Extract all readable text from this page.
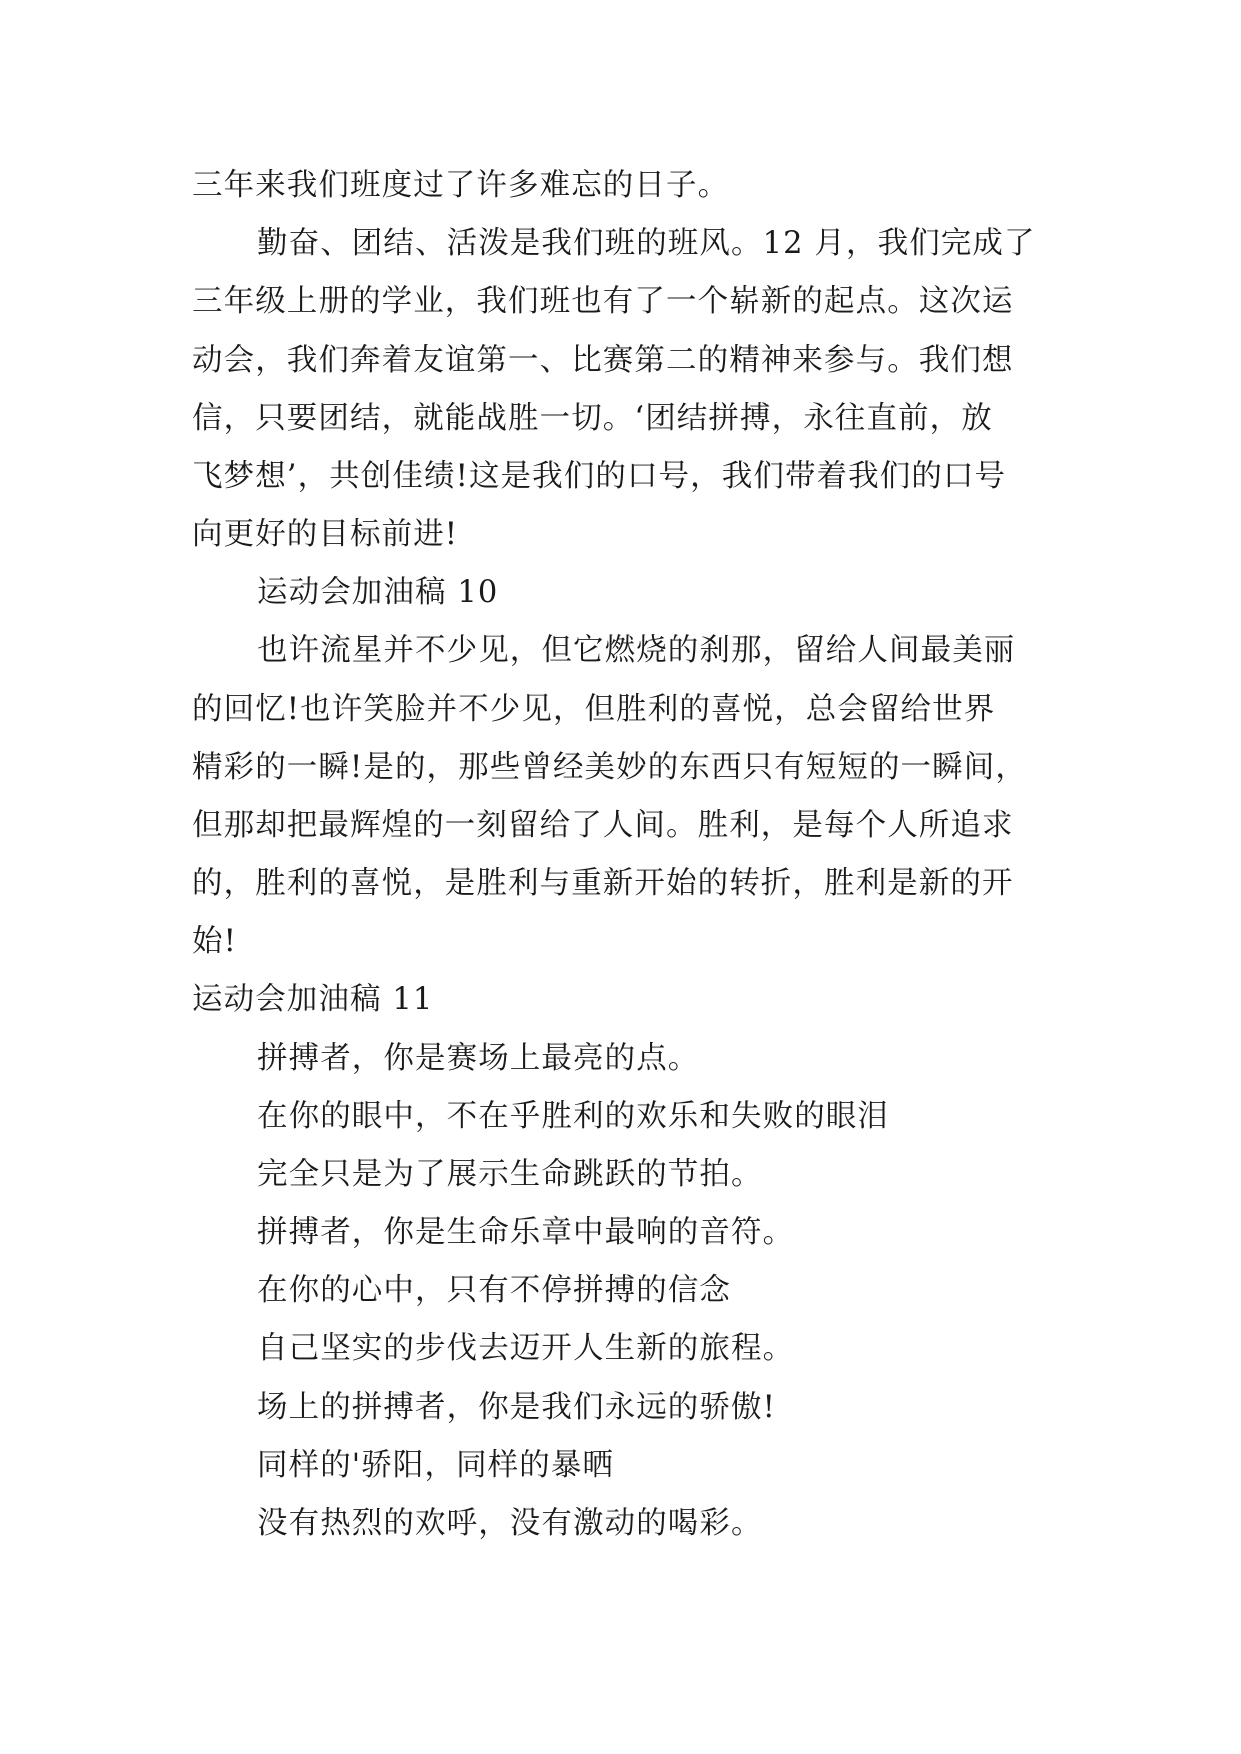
三年来我们班度过了许多难忘的日子。
勤奋、团结、活泼是我们班的班风。12 月，我们完成了
三年级上册的学业，我们班也有了一个崭新的起点。这次运
动会，我们奔着友谊第一、比赛第二的精神来参与。我们想
信，只要团结，就能战胜一切。‘团结拼搏，永往直前，放
飞梦想’，共创佳绩!这是我们的口号，我们带着我们的口号
向更好的目标前进!
运动会加油稿 10
也许流星并不少见，但它燃烧的刹那，留给人间最美丽
的回忆!也许笑脸并不少见，但胜利的喜悦，总会留给世界
精彩的一瞬!是的，那些曾经美妙的东西只有短短的一瞬间，
但那却把最辉煌的一刻留给了人间。胜利，是每个人所追求
的，胜利的喜悦，是胜利与重新开始的转折，胜利是新的开
始!
运动会加油稿 11
拼搏者，你是赛场上最亮的点。
在你的眼中，不在乎胜利的欢乐和失败的眼泪
完全只是为了展示生命跳跃的节拍。
拼搏者，你是生命乐章中最响的音符。
在你的心中，只有不停拼搏的信念
自己坚实的步伐去迈开人生新的旅程。
场上的拼搏者，你是我们永远的骄傲!
同样的'骄阳，同样的暴晒
没有热烈的欢呼，没有激动的喝彩。
